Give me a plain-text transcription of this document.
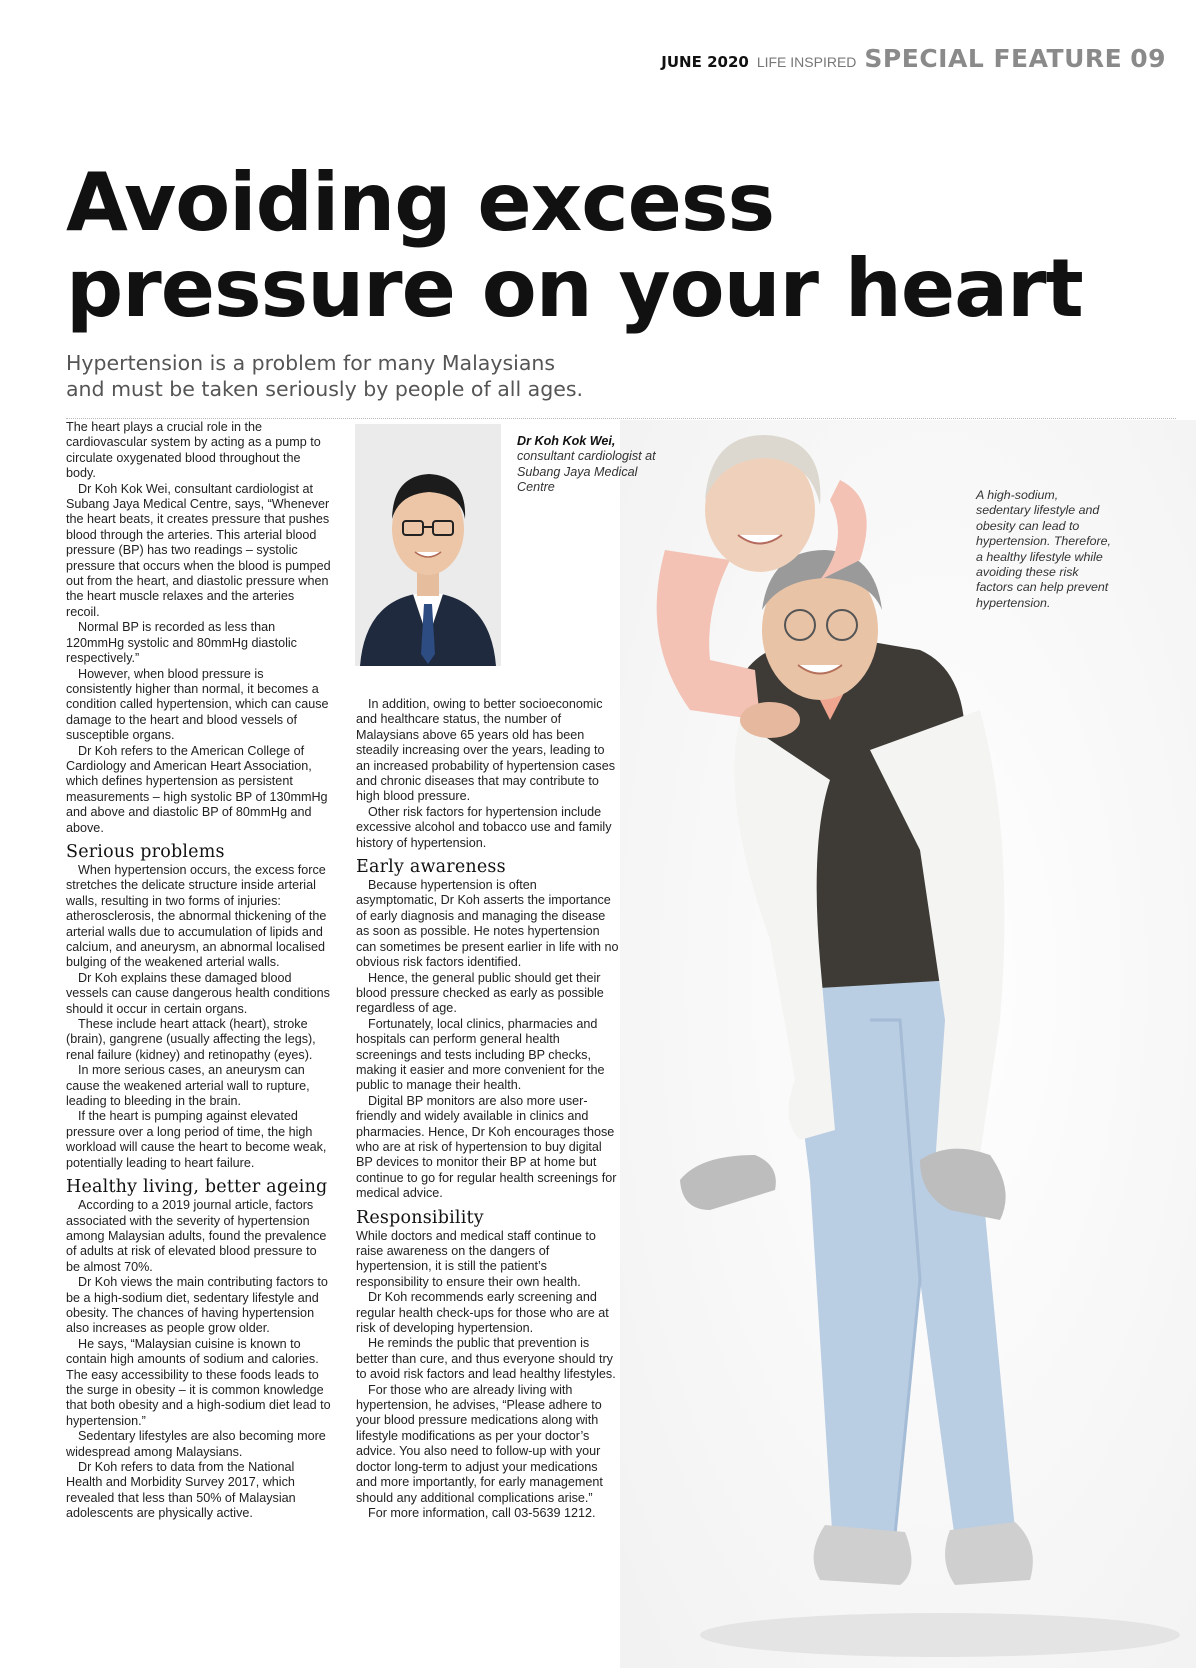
JUNE 2020 LIFE INSPIRED SPECIAL FEATURE 09
Avoiding excess
pressure on your heart
Hypertension is a problem for many Malaysians and must be taken seriously by people of all ages.
A high-sodium, sedentary lifestyle and obesity can lead to hypertension. Therefore, a healthy lifestyle while avoiding these risk factors can help prevent hypertension.
Dr Koh Kok Wei,
consultant cardiologist at Subang Jaya Medical Centre

The heart plays a crucial role in the cardiovascular system by acting as a pump to circulate oxygenated blood throughout the body.

Dr Koh Kok Wei, consultant cardiologist at Subang Jaya Medical Centre, says, “Whenever the heart beats, it creates pressure that pushes blood through the arteries. This arterial blood pressure (BP) has two readings – systolic pressure that occurs when the blood is pumped out from the heart, and diastolic pressure when the heart muscle relaxes and the arteries recoil.

Normal BP is recorded as less than 120mmHg systolic and 80mmHg diastolic respectively.”

However, when blood pressure is consistently higher than normal, it becomes a condition called hypertension, which can cause damage to the heart and blood vessels of susceptible organs.

Dr Koh refers to the American College of Cardiology and American Heart Association, which defines hypertension as persistent measurements – high systolic BP of 130mmHg and above and diastolic BP of 80mmHg and above.

Serious problems

When hypertension occurs, the excess force stretches the delicate structure inside arterial walls, resulting in two forms of injuries: atherosclerosis, the abnormal thickening of the arterial walls due to accumulation of lipids and calcium, and aneurysm, an abnormal localised bulging of the weakened arterial walls.

Dr Koh explains these damaged blood vessels can cause dangerous health conditions should it occur in certain organs.

These include heart attack (heart), stroke (brain), gangrene (usually affecting the legs), renal failure (kidney) and retinopathy (eyes).

In more serious cases, an aneurysm can cause the weakened arterial wall to rupture, leading to bleeding in the brain.

If the heart is pumping against elevated pressure over a long period of time, the high workload will cause the heart to become weak, potentially leading to heart failure.

Healthy living, better ageing

According to a 2019 journal article, factors associated with the severity of hypertension among Malaysian adults, found the prevalence of adults at risk of elevated blood pressure to be almost 70%.

Dr Koh views the main contributing factors to be a high-sodium diet, sedentary lifestyle and obesity. The chances of having hypertension also increases as people grow older.

He says, “Malaysian cuisine is known to contain high amounts of sodium and calories. The easy accessibility to these foods leads to the surge in obesity – it is common knowledge that both obesity and a high-sodium diet lead to hypertension.”

Sedentary lifestyles are also becoming more widespread among Malaysians.

Dr Koh refers to data from the National Health and Morbidity Survey 2017, which revealed that less than 50% of Malaysian adolescents are physically active.

In addition, owing to better socioeconomic and healthcare status, the number of Malaysians above 65 years old has been steadily increasing over the years, leading to an increased probability of hypertension cases and chronic diseases that may contribute to high blood pressure.

Other risk factors for hypertension include excessive alcohol and tobacco use and family history of hypertension.

Early awareness

Because hypertension is often asymptomatic, Dr Koh asserts the importance of early diagnosis and managing the disease as soon as possible. He notes hypertension can sometimes be present earlier in life with no obvious risk factors identified.

Hence, the general public should get their blood pressure checked as early as possible regardless of age.

Fortunately, local clinics, pharmacies and hospitals can perform general health screenings and tests including BP checks, making it easier and more convenient for the public to manage their health.

Digital BP monitors are also more user-friendly and widely available in clinics and pharmacies. Hence, Dr Koh encourages those who are at risk of hypertension to buy digital BP devices to monitor their BP at home but continue to go for regular health screenings for medical advice.

Responsibility

While doctors and medical staff continue to raise awareness on the dangers of hypertension, it is still the patient’s responsibility to ensure their own health.

Dr Koh recommends early screening and regular health check-ups for those who are at risk of developing hypertension.

He reminds the public that prevention is better than cure, and thus everyone should try to avoid risk factors and lead healthy lifestyles.

For those who are already living with hypertension, he advises, “Please adhere to your blood pressure medications along with lifestyle modifications as per your doctor’s advice. You also need to follow-up with your doctor long-term to adjust your medications and more importantly, for early management should any additional complications arise.”

For more information, call 03-5639 1212.
